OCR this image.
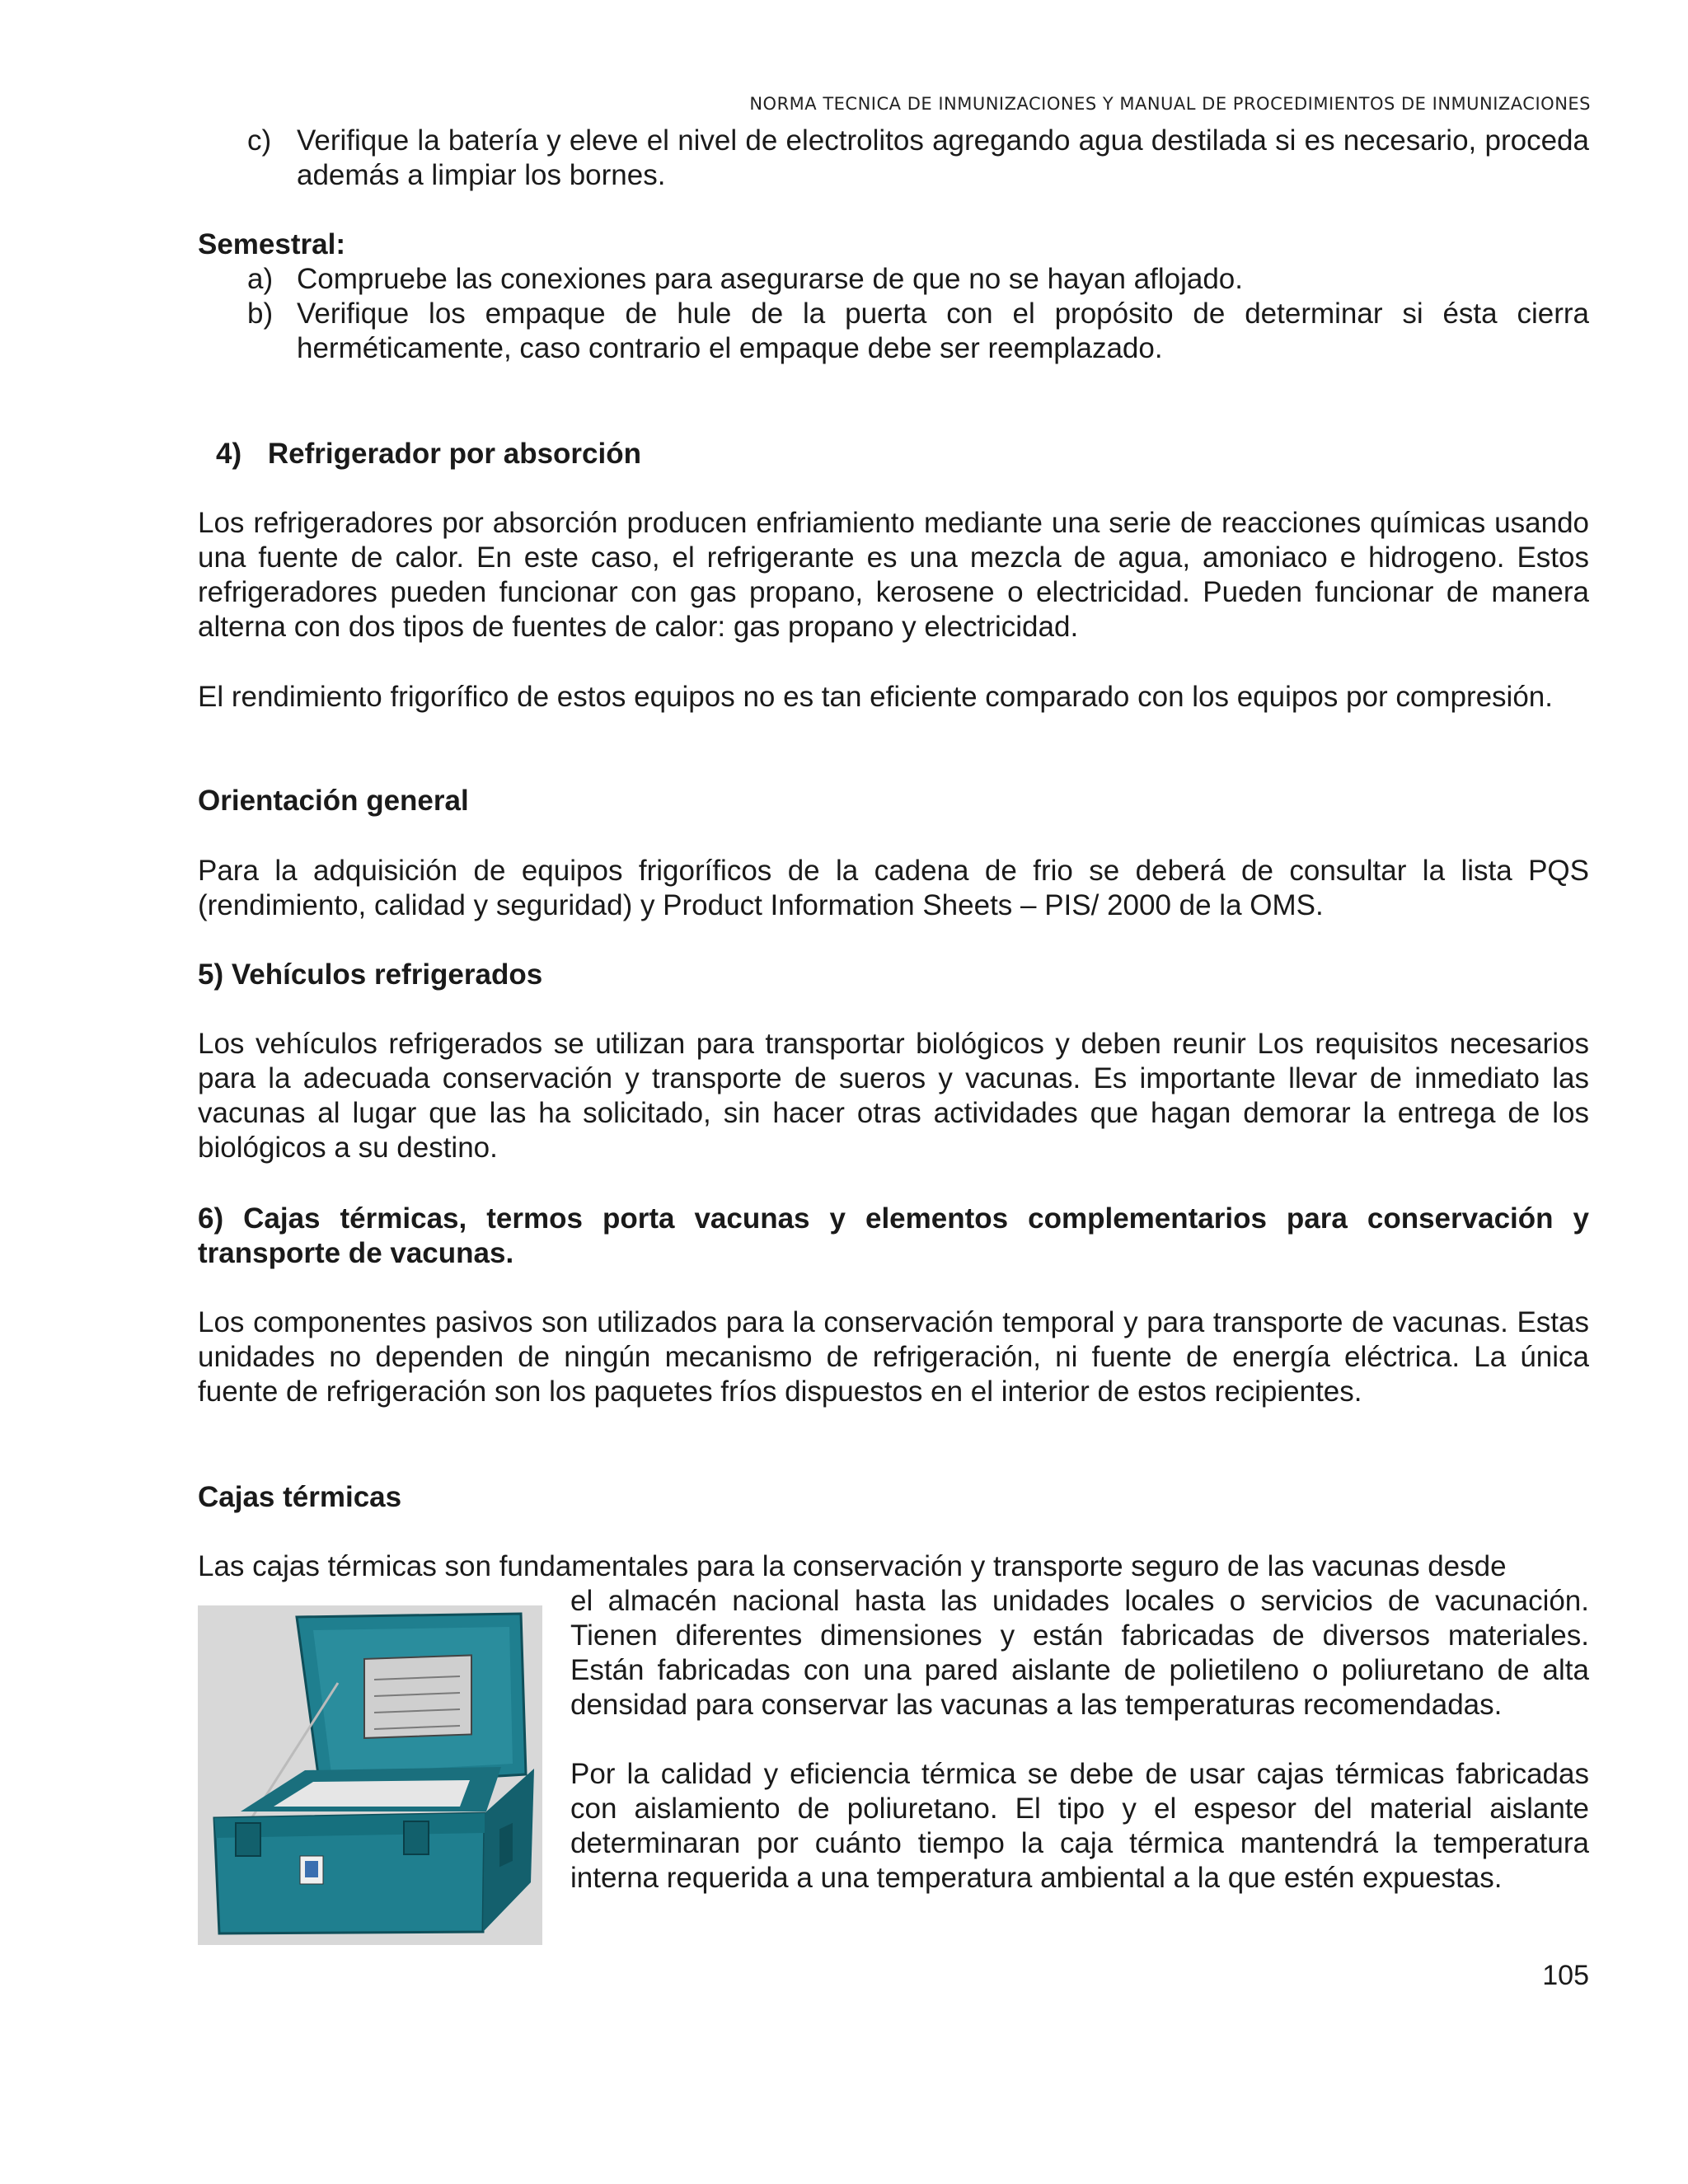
NORMA TECNICA DE INMUNIZACIONES Y MANUAL DE PROCEDIMIENTOS DE INMUNIZACIONES
c) Verifique la batería y eleve el nivel de electrolitos agregando agua destilada si es necesario, proceda además a limpiar los bornes.
Semestral:
a) Compruebe las conexiones para asegurarse de que no se hayan aflojado.
b) Verifique los empaque de hule de la puerta con el propósito de determinar si ésta cierra herméticamente, caso contrario el empaque debe ser reemplazado.
4) Refrigerador por absorción
Los refrigeradores por absorción producen enfriamiento mediante una serie de reacciones químicas usando una fuente de calor. En este caso, el refrigerante es una mezcla de agua, amoniaco e hidrogeno. Estos refrigeradores pueden funcionar con gas propano, kerosene o electricidad. Pueden funcionar de manera alterna con dos tipos de fuentes de calor: gas propano y electricidad.
El rendimiento frigorífico de estos equipos no es tan eficiente comparado con los equipos por compresión.
Orientación general
Para la adquisición de equipos frigoríficos de la cadena de frio se deberá de consultar la lista PQS (rendimiento, calidad y seguridad) y Product Information Sheets – PIS/ 2000 de la OMS.
5) Vehículos refrigerados
Los vehículos refrigerados se utilizan para transportar biológicos y deben reunir Los requisitos necesarios para la adecuada conservación y transporte de sueros y vacunas. Es importante llevar de inmediato las vacunas al lugar que las ha solicitado, sin hacer otras actividades que hagan demorar la entrega de los biológicos a su destino.
6) Cajas térmicas, termos porta vacunas y elementos complementarios para conservación y transporte de vacunas.
Los componentes pasivos son utilizados para la conservación temporal y para transporte de vacunas. Estas unidades no dependen de ningún mecanismo de refrigeración, ni fuente de energía eléctrica. La única fuente de refrigeración son los paquetes fríos dispuestos en el interior de estos recipientes.
Cajas térmicas
Las cajas térmicas son fundamentales para la conservación y transporte seguro de las vacunas desde
el almacén nacional hasta las unidades locales o servicios de vacunación. Tienen diferentes dimensiones y están fabricadas de diversos materiales. Están fabricadas con una pared aislante de polietileno o poliuretano de alta densidad para conservar las vacunas a las temperaturas recomendadas.
Por la calidad y eficiencia térmica se debe de usar cajas térmicas fabricadas con aislamiento de poliuretano. El tipo y el espesor del material aislante determinaran por cuánto tiempo la caja térmica mantendrá la temperatura interna requerida a una temperatura ambiental a la que estén expuestas.
105
